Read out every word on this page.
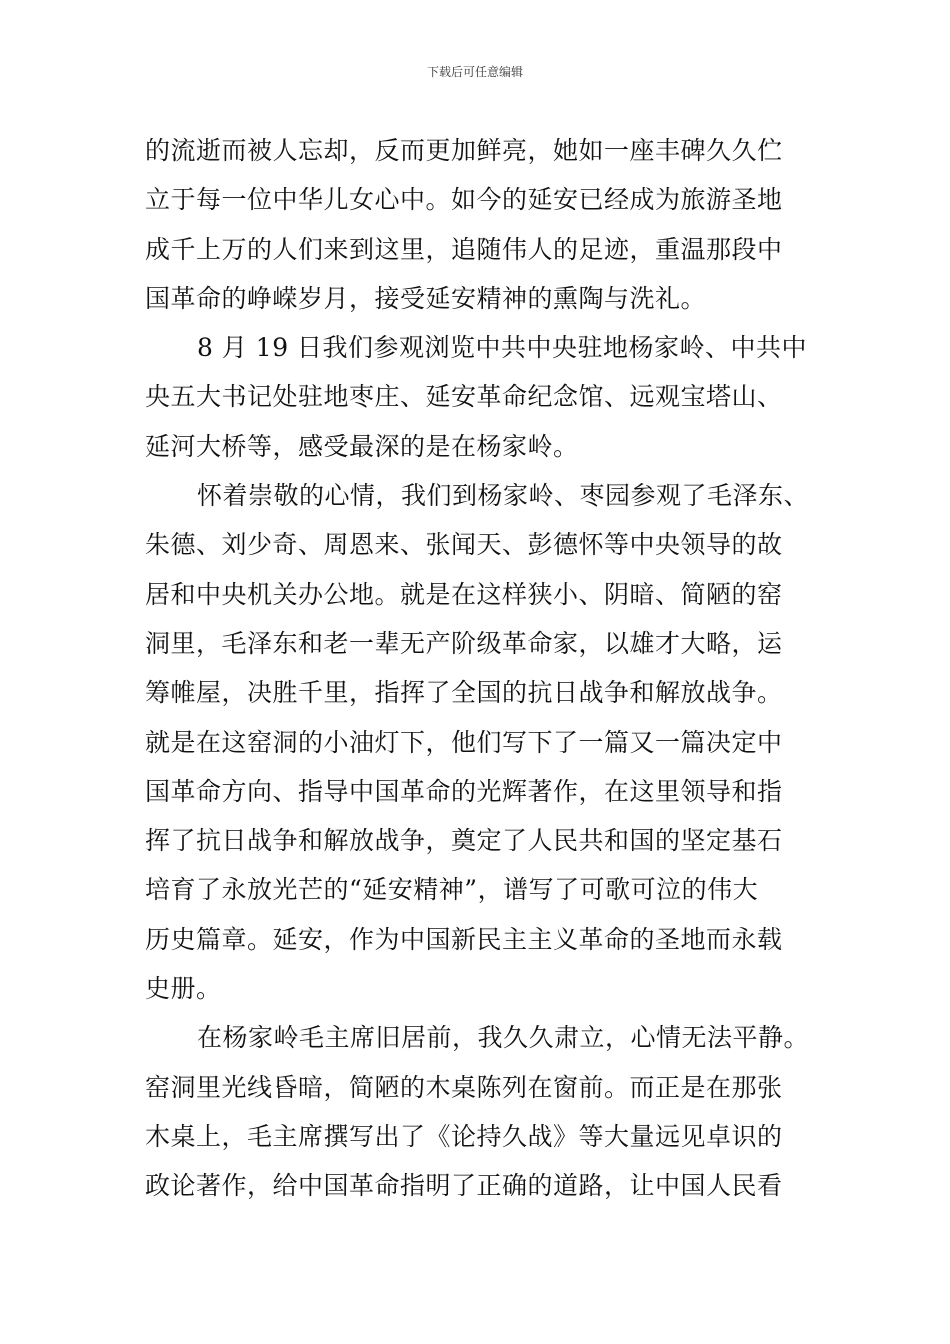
下载后可任意编辑
的流逝而被人忘却，反而更加鲜亮，她如一座丰碑久久伫
立于每一位中华儿女心中。如今的延安已经成为旅游圣地
成千上万的人们来到这里，追随伟人的足迹，重温那段中
国革命的峥嵘岁月，接受延安精神的熏陶与洗礼。
8 月 19 日我们参观浏览中共中央驻地杨家岭、中共中
央五大书记处驻地枣庄、延安革命纪念馆、远观宝塔山、
延河大桥等，感受最深的是在杨家岭。
怀着崇敬的心情，我们到杨家岭、枣园参观了毛泽东、
朱德、刘少奇、周恩来、张闻天、彭德怀等中央领导的故
居和中央机关办公地。就是在这样狭小、阴暗、简陋的窑
洞里，毛泽东和老一辈无产阶级革命家，以雄才大略，运
筹帷屋，决胜千里，指挥了全国的抗日战争和解放战争。
就是在这窑洞的小油灯下，他们写下了一篇又一篇决定中
国革命方向、指导中国革命的光辉著作，在这里领导和指
挥了抗日战争和解放战争，奠定了人民共和国的坚定基石
培育了永放光芒的“延安精神”，谱写了可歌可泣的伟大
历史篇章。延安，作为中国新民主主义革命的圣地而永载
史册。
在杨家岭毛主席旧居前，我久久肃立，心情无法平静。
窑洞里光线昏暗，简陋的木桌陈列在窗前。而正是在那张
木桌上，毛主席撰写出了《论持久战》等大量远见卓识的
政论著作，给中国革命指明了正确的道路，让中国人民看
